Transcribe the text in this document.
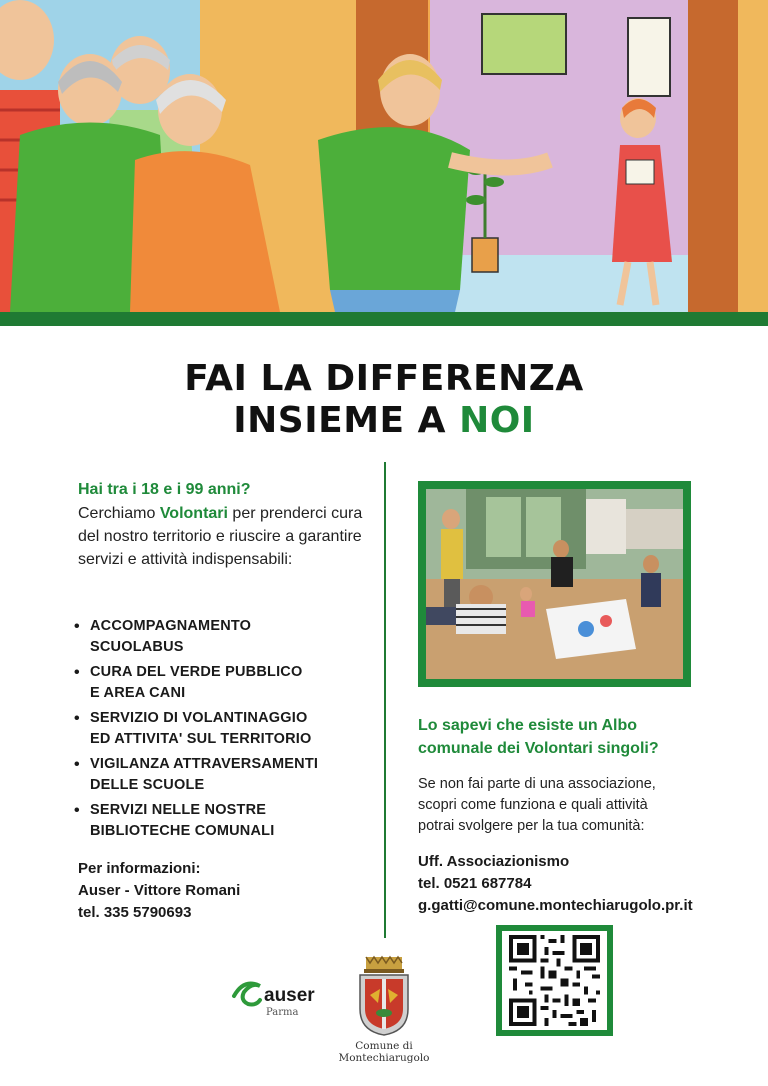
FAI LA DIFFERENZA
INSIEME A NOI
Hai tra i 18 e i 99 anni?
Cerchiamo Volontari per prenderci cura del nostro territorio e riuscire a garantire servizi e attività indispensabili:
• ACCOMPAGNAMENTO
SCUOLABUS
• CURA DEL VERDE PUBBLICO
E AREA CANI
• SERVIZIO DI VOLANTINAGGIO
ED ATTIVITA' SUL TERRITORIO
• VIGILANZA ATTRAVERSAMENTI
DELLE SCUOLE
• SERVIZI NELLE NOSTRE
BIBLIOTECHE COMUNALI
Per informazioni:
Auser - Vittore Romani
tel. 335 5790693
Lo sapevi che esiste un Albo
comunale dei Volontari singoli?
Se non fai parte di una associazione,
scopri come funziona e quali attività
potrai svolgere per la tua comunità:
Uff. Associazionismo
tel. 0521 687784
g.gatti@comune.montechiarugolo.pr.it
auser
Parma
Comune di
Montechiarugolo
